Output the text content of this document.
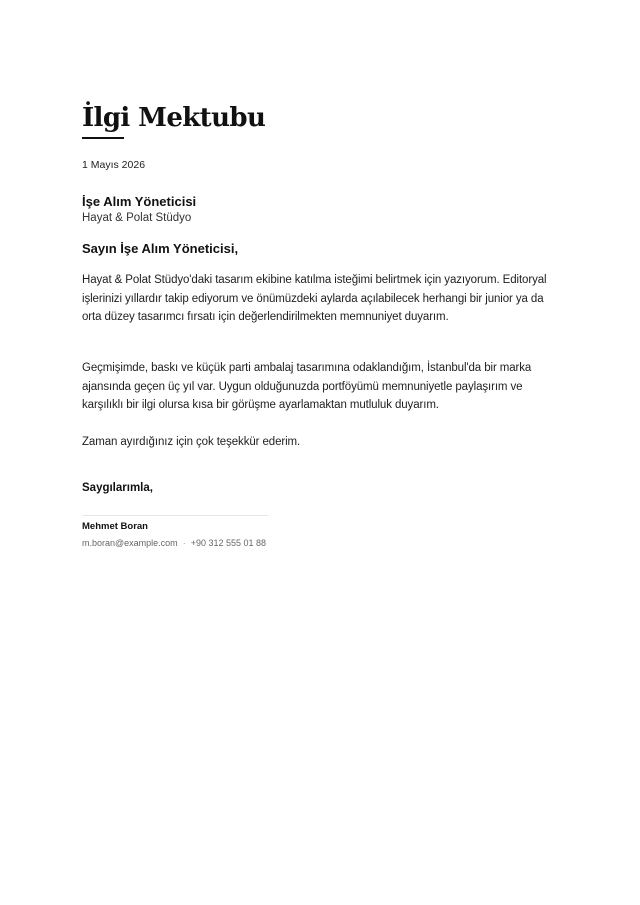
İlgi Mektubu
1 Mayıs 2026
İşe Alım Yöneticisi
Hayat & Polat Stüdyo
Sayın İşe Alım Yöneticisi,

Hayat & Polat Stüdyo'daki tasarım ekibine katılma isteğimi belirtmek için yazıyorum. Editoryal işlerinizi yıllardır takip ediyorum ve önümüzdeki aylarda açılabilecek herhangi bir junior ya da orta düzey tasarımcı fırsatı için değerlendirilmekten memnuniyet duyarım.

Geçmişimde, baskı ve küçük parti ambalaj tasarımına odaklandığım, İstanbul'da bir marka ajansında geçen üç yıl var. Uygun olduğunuzda portföyümü memnuniyetle paylaşırım ve karşılıklı bir ilgi olursa kısa bir görüşme ayarlamaktan mutluluk duyarım.

Zaman ayırdığınız için çok teşekkür ederim.

Saygılarımla,
Mehmet Boran
m.boran@example.com · +90 312 555 01 88
